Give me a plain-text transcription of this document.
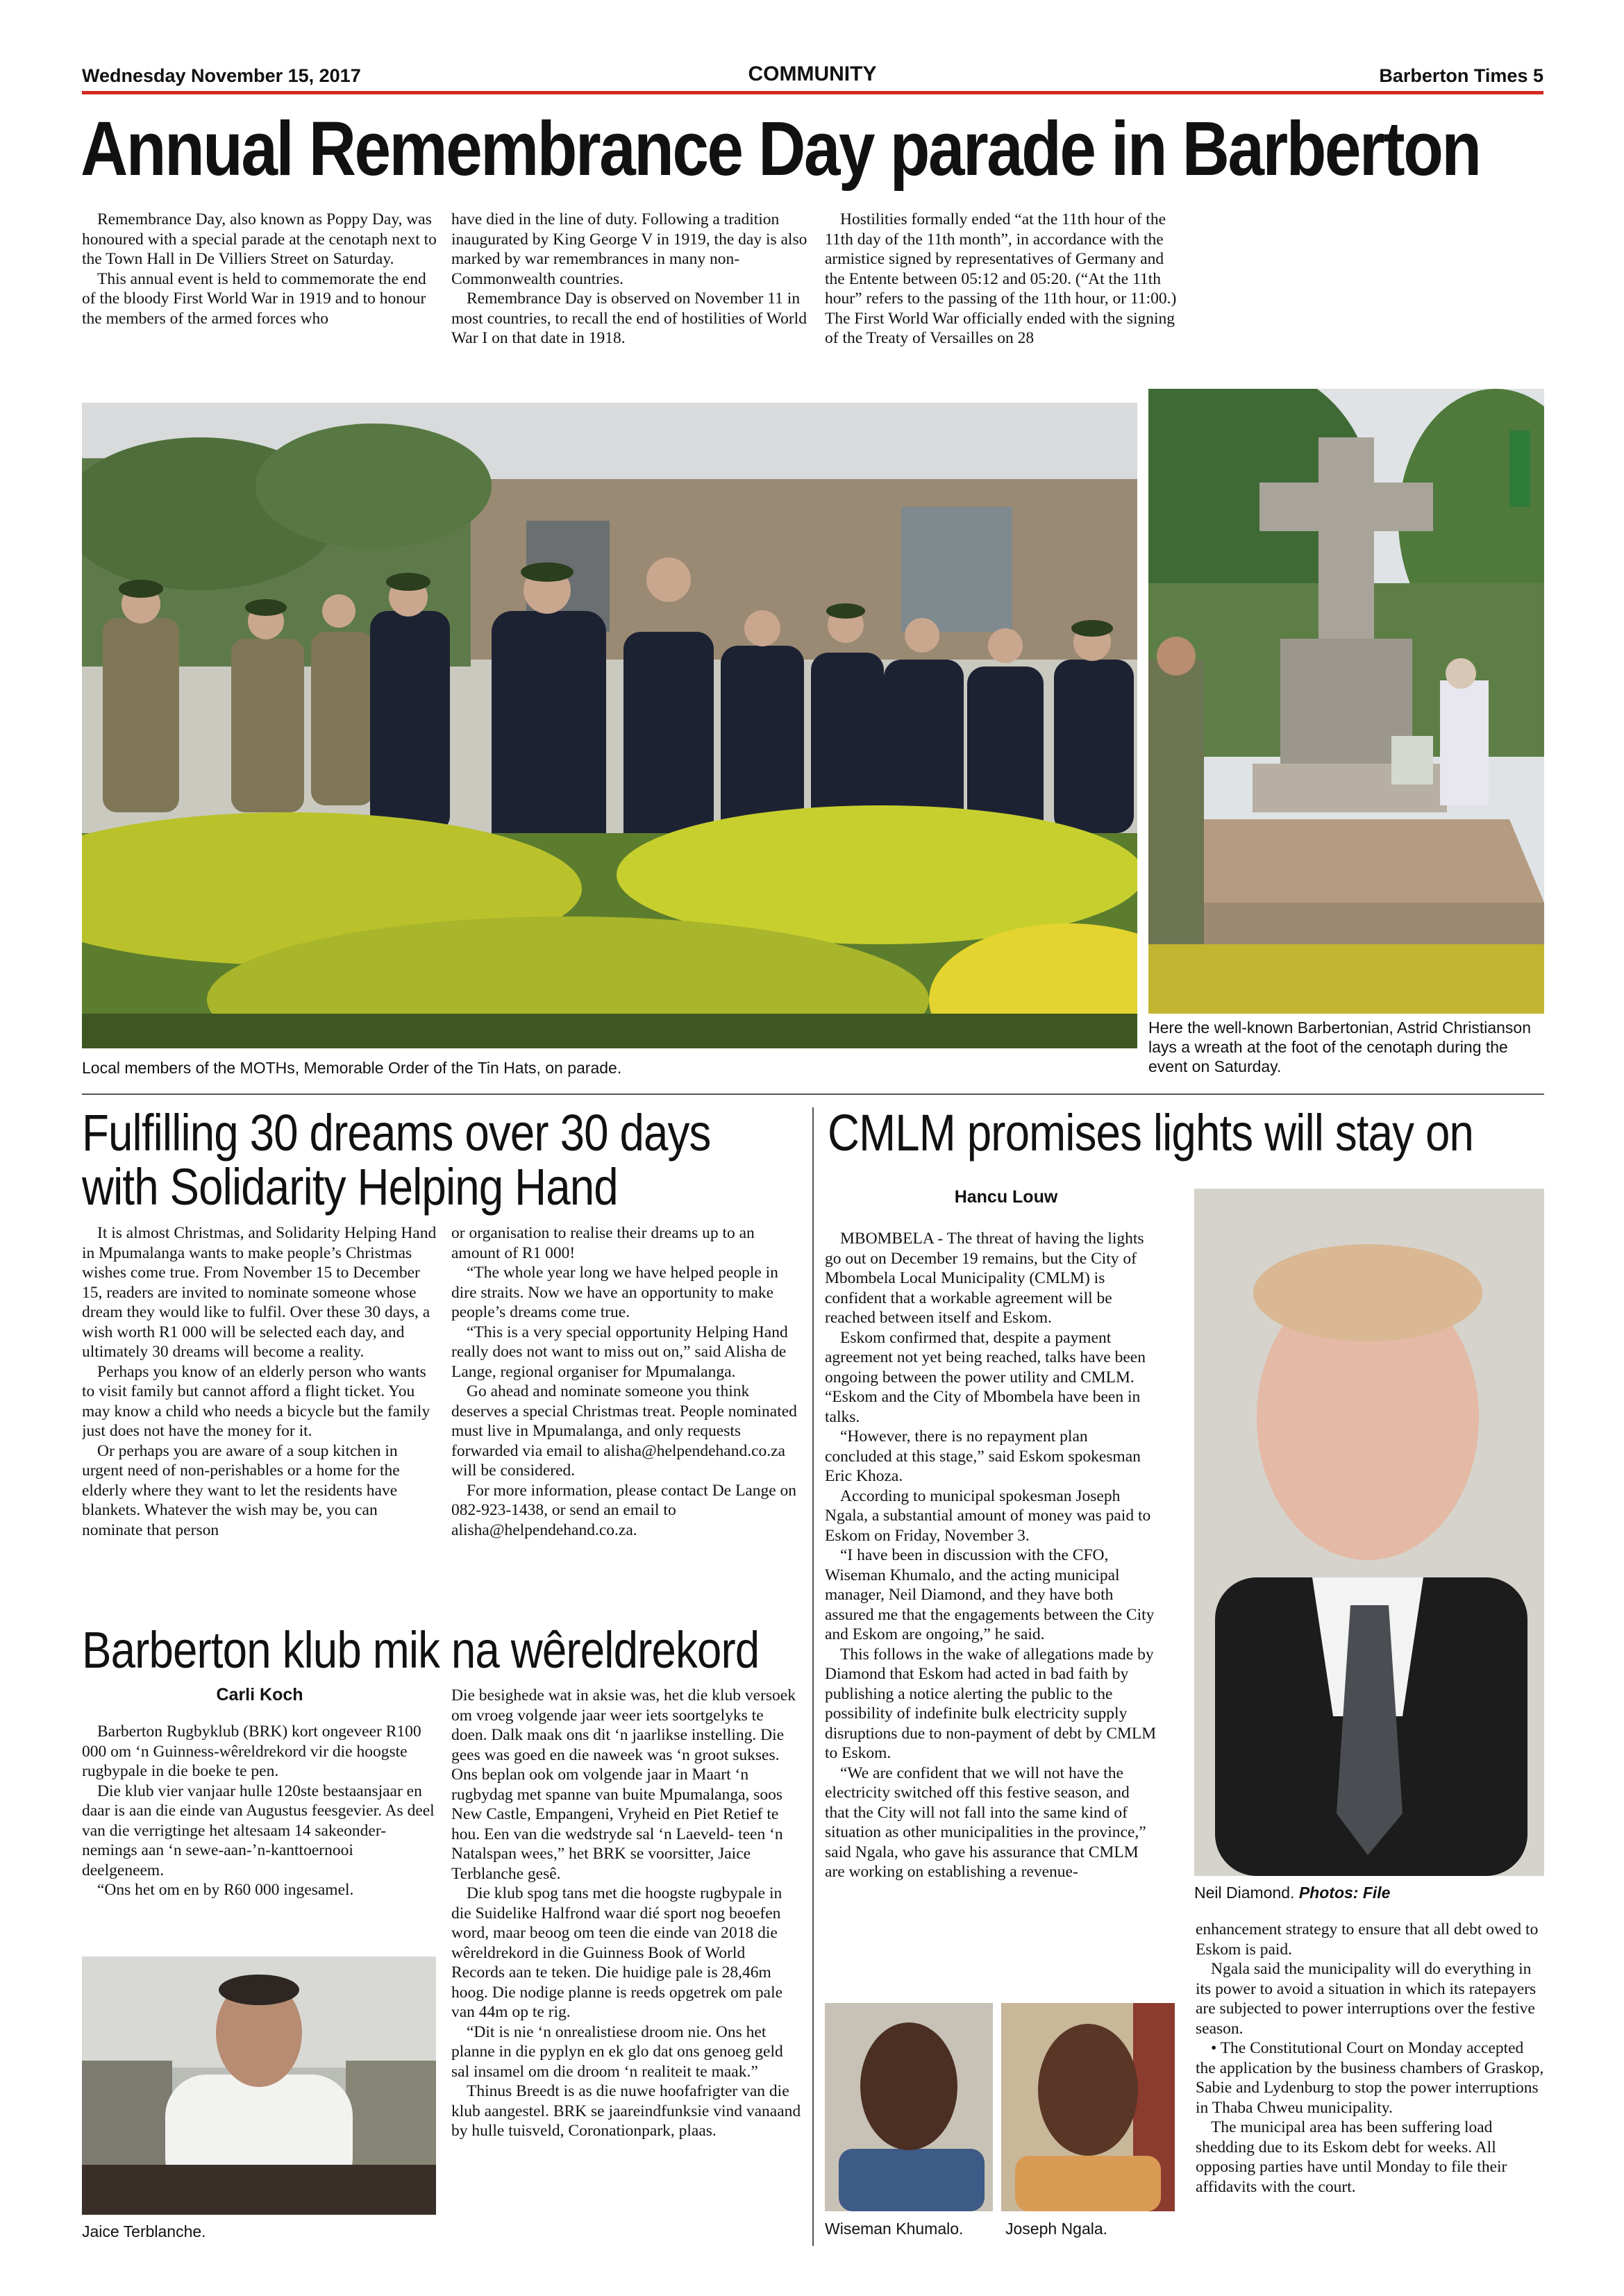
Wednesday November 15, 2017	COMMUNITY	Barberton Times 5
Annual Remembrance Day parade in Barberton

Remembrance Day, also known as Poppy Day, was honoured with a special parade at the cenotaph next to the Town Hall in De Villiers Street on Saturday.

This annual event is held to commemorate the end of the bloody First World War in 1919 and to honour the members of the armed forces who

have died in the line of duty. Following a tradition inaugurated by King George V in 1919, the day is also marked by war remembrances in many non-Commonwealth countries.

Remembrance Day is observed on November 11 in most countries, to recall the end of hostilities of World War I on that date in 1918.

Hostilities formally ended “at the 11th hour of the 11th day of the 11th month”, in accordance with the armistice signed by representatives of Germany and the Entente between 05:12 and 05:20. (“At the 11th hour” refers to the passing of the 11th hour, or 11:00.) The First World War officially ended with the signing of the Treaty of Versailles on 28

Local members of the MOTHs, Memorable Order of the Tin Hats, on parade.
Here the well-known Barbertonian, Astrid Christianson lays a wreath at the foot of the cenotaph during the event on Saturday.
Fulfilling 30 dreams over 30 days
with Solidarity Helping Hand

It is almost Christmas, and Solidarity Helping Hand in Mpumalanga wants to make people’s Christmas wishes come true. From November 15 to December 15, readers are invited to nominate someone whose dream they would like to fulfil. Over these 30 days, a wish worth R1 000 will be selected each day, and ultimately 30 dreams will become a reality.

Perhaps you know of an elderly person who wants to visit family but cannot afford a flight ticket. You may know a child who needs a bicycle but the family just does not have the money for it.

Or perhaps you are aware of a soup kitchen in urgent need of non-perishables or a home for the elderly where they want to let the residents have blankets. Whatever the wish may be, you can nominate that person

or organisation to realise their dreams up to an amount of R1 000!

“The whole year long we have helped people in dire straits. Now we have an opportunity to make people’s dreams come true.

“This is a very special opportunity Helping Hand really does not want to miss out on,” said Alisha de Lange, regional organiser for Mpumalanga.

Go ahead and nominate someone you think deserves a special Christmas treat. People nominated must live in Mpumalanga, and only requests forwarded via email to alisha@helpendehand.co.za will be considered.

For more information, please contact De Lange on 082-923-1438, or send an email to alisha@helpendehand.co.za.

Barberton klub mik na wêreldrekord
Carli Koch

Barberton Rugbyklub (BRK) kort ongeveer R100 000 om ‘n Guinness-wêreldrekord vir die hoogste rugbypale in die boeke te pen.

Die klub vier vanjaar hulle 120ste bestaansjaar en daar is aan die einde van Augustus feesgevier. As deel van die verrigtinge het altesaam 14 sakeonder-nemings aan ‘n sewe-aan-’n-kanttoernooi deelgeneem.

“Ons het om en by R60 000 ingesamel.

Jaice Terblanche.

Die besighede wat in aksie was, het die klub versoek om vroeg volgende jaar weer iets soortgelyks te doen. Dalk maak ons dit ‘n jaarlikse instelling. Die gees was goed en die naweek was ‘n groot sukses. Ons beplan ook om volgende jaar in Maart ‘n rugbydag met spanne van buite Mpumalanga, soos New Castle, Empangeni, Vryheid en Piet Retief te hou. Een van die wedstryde sal ‘n Laeveld- teen ‘n Natalspan wees,” het BRK se voorsitter, Jaice Terblanche gesê.

Die klub spog tans met die hoogste rugbypale in die Suidelike Halfrond waar dié sport nog beoefen word, maar beoog om teen die einde van 2018 die wêreldrekord in die Guinness Book of World Records aan te teken. Die huidige pale is 28,46m hoog. Die nodige planne is reeds opgetrek om pale van 44m op te rig.

“Dit is nie ‘n onrealistiese droom nie. Ons het planne in die pyplyn en ek glo dat ons genoeg geld sal insamel om die droom ‘n realiteit te maak.”

Thinus Breedt is as die nuwe hoofafrigter van die klub aangestel. BRK se jaareindfunksie vind vanaand by hulle tuisveld, Coronationpark, plaas.

CMLM promises lights will stay on
Hancu Louw

MBOMBELA - The threat of having the lights go out on December 19 remains, but the City of Mbombela Local Municipality (CMLM) is confident that a workable agreement will be reached between itself and Eskom.

Eskom confirmed that, despite a payment agreement not yet being reached, talks have been ongoing between the power utility and CMLM. “Eskom and the City of Mbombela have been in talks.

“However, there is no repayment plan concluded at this stage,” said Eskom spokesman Eric Khoza.

According to municipal spokesman Joseph Ngala, a substantial amount of money was paid to Eskom on Friday, November 3.

“I have been in discussion with the CFO, Wiseman Khumalo, and the acting municipal manager, Neil Diamond, and they have both assured me that the engagements between the City and Eskom are ongoing,” he said.

This follows in the wake of allegations made by Diamond that Eskom had acted in bad faith by publishing a notice alerting the public to the possibility of indefinite bulk electricity supply disruptions due to non-payment of debt by CMLM to Eskom.

“We are confident that we will not have the electricity switched off this festive season, and that the City will not fall into the same kind of situation as other municipalities in the province,” said Ngala, who gave his assurance that CMLM are working on establishing a revenue-

Neil Diamond. Photos: File

enhancement strategy to ensure that all debt owed to Eskom is paid.

Ngala said the municipality will do everything in its power to avoid a situation in which its ratepayers are subjected to power interruptions over the festive season.

• The Constitutional Court on Monday accepted the application by the business chambers of Graskop, Sabie and Lydenburg to stop the power interruptions in Thaba Chweu municipality.

The municipal area has been suffering load shedding due to its Eskom debt for weeks. All opposing parties have until Monday to file their affidavits with the court.

Wiseman Khumalo.	Joseph Ngala.
